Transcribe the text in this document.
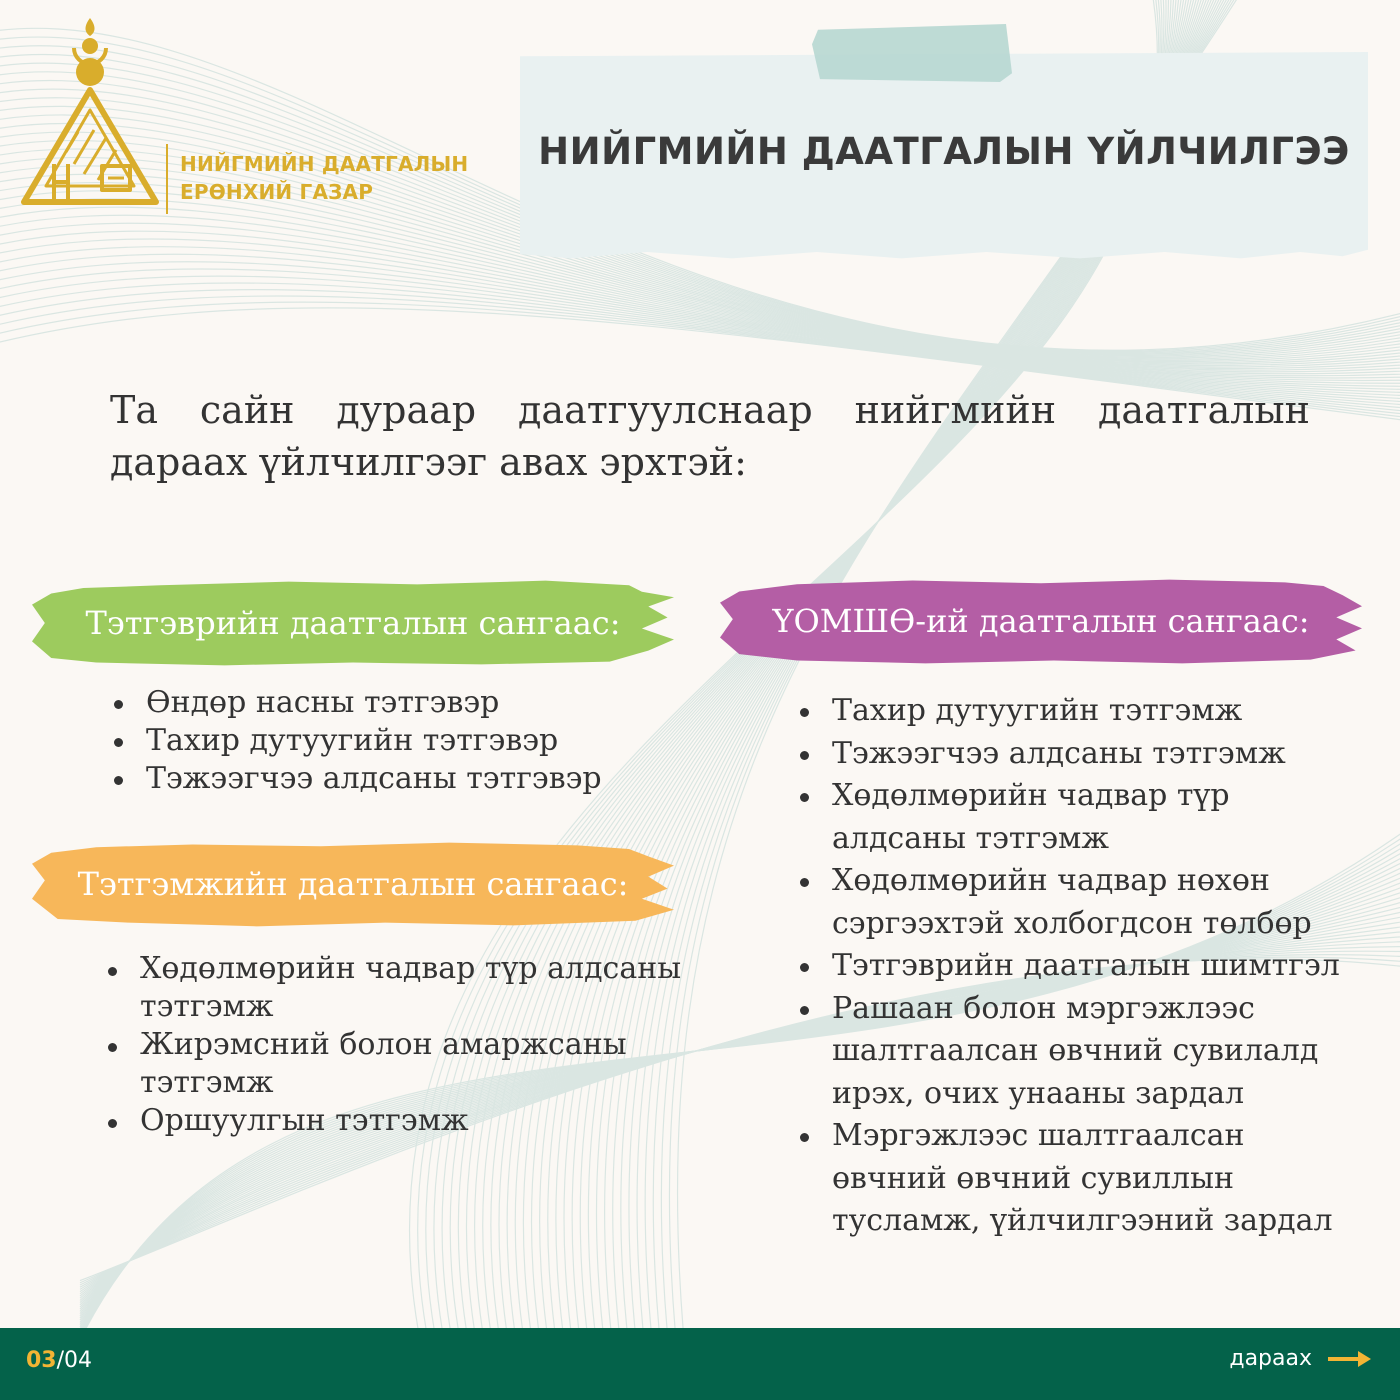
НИЙГМИЙН ДААТГАЛЫН
ЕРӨНХИЙ ГАЗАР
НИЙГМИЙН ДААТГАЛЫН ҮЙЛЧИЛГЭЭ
Та сайн дураар даатгуулснаар нийгмийн даатгалын дараах үйлчилгээг авах эрхтэй:
Тэтгэврийн даатгалын сангаас:
Өндөр насны тэтгэвэр
Тахир дутуугийн тэтгэвэр
Тэжээгчээ алдсаны тэтгэвэр
Тэтгэмжийн даатгалын сангаас:
Хөдөлмөрийн чадвар түр алдсаны тэтгэмж
Жирэмсний болон амаржсаны тэтгэмж
Оршуулгын тэтгэмж
ҮОМШӨ-ий даатгалын сангаас:
Тахир дутуугийн тэтгэмж
Тэжээгчээ алдсаны тэтгэмж
Хөдөлмөрийн чадвар түр алдсаны тэтгэмж
Хөдөлмөрийн чадвар нөхөн сэргээхтэй холбогдсон төлбөр
Тэтгэврийн даатгалын шимтгэл
Рашаан болон мэргэжлээс шалтгаалсан өвчний сувилалд ирэх, очих унааны зардал
Мэргэжлээс шалтгаалсан өвчний өвчний сувиллын тусламж, үйлчилгээний зардал
03/04	дараах
